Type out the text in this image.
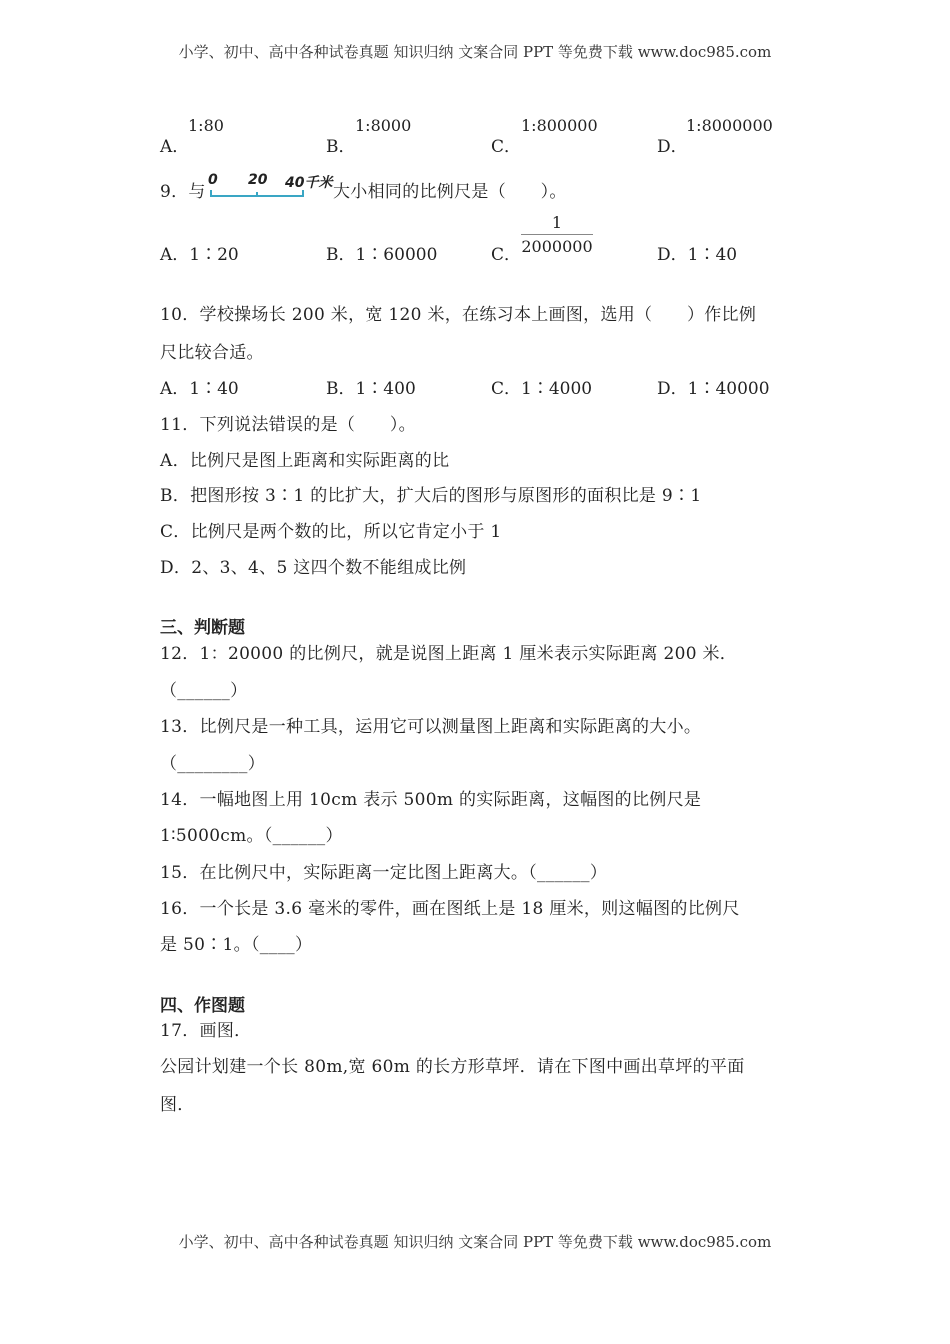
小学、初中、高中各种试卷真题 知识归纳 文案合同 PPT 等免费下载 www.doc985.com
A．
1:80
B．
1:8000
C．
1:800000
D．
1:8000000
9．与
0 20 40千米 大小相同的比例尺是（　　）。
A．1∶20	B．1∶60000	C．
1
2000000	D．1∶40
10．学校操场长 200 米，宽 120 米，在练习本上画图，选用（　　）作比例
尺比较合适。
A．1∶40	B．1∶400	C．1∶4000	D．1∶40000
11．下列说法错误的是（　　）。
A．比例尺是图上距离和实际距离的比
B．把图形按 3∶1 的比扩大，扩大后的图形与原图形的面积比是 9∶1
C．比例尺是两个数的比，所以它肯定小于 1
D．2、3、4、5 这四个数不能组成比例
三、判断题
12．1：20000 的比例尺，就是说图上距离 1 厘米表示实际距离 200 米．
（______）
13．比例尺是一种工具，运用它可以测量图上距离和实际距离的大小。
（________）
14．一幅地图上用 10cm 表示 500m 的实际距离，这幅图的比例尺是
1∶5000cm。（______）
15．在比例尺中，实际距离一定比图上距离大。（______）
16．一个长是 3.6 毫米的零件，画在图纸上是 18 厘米，则这幅图的比例尺
是 50∶1。（____）
四、作图题
17．画图．
公园计划建一个长 80m,宽 60m 的长方形草坪．请在下图中画出草坪的平面
图．
小学、初中、高中各种试卷真题 知识归纳 文案合同 PPT 等免费下载 www.doc985.com
